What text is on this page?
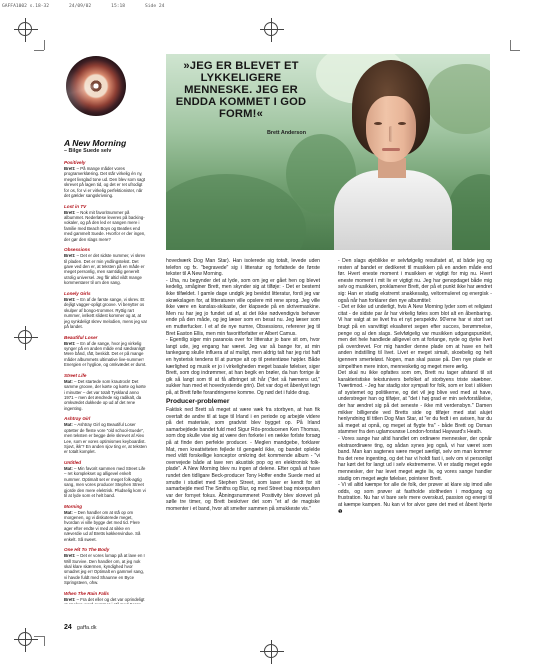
GAFFA1002 s.18-32	24/09/02	15:18	Side 24
A New Morning
– Bilge Suede selv
Positively
Brett: – På mange måder vores programerklæring. Det står virkelig én ny, meget livsglad tone ud. Den blev som sagt skrevet på lagen tid, og det er ret ufrodigt for os, for vi er virkelig perfektionister, når det gælder sangskrivning.
Lost in TV
Brett: – Nok mit favoritnummer på albummet. Nederlæse leveres på backing-vokaler, og på den led er sangen mere i familie med Beach Boys og Beatles end med gammelt Suede. Hvorfor er der ingen, der gør den slags mere?
Obsessions
Brett: – Det er det sidste nummer, vi skrev til pladen. Det er min yndlingstekst. Det gave ved den er, at teksten på en måde er meget personlig, men samtidig generelt utrolig universel. Jeg får altid vildt mange kommentarer til om den sang.
Lonely Girls
Brett: – En af de første sange, vi skrev. Et dejligt vagger-opligt groove. Vi benytter os skulper af bongo-trommer. Ryttig rart nummer, ivrikett slidest kommer og at, at jeg synkdeligt skrev melodien, mens jeg var på landet.
Beautiful Loser
Brett: – En af de sange, hvor jeg virkelig synger på en anden måde end sædvanligt! Mere bånd, rått, beskidt. Det er på mange måder albummets ultimative live-nummer! Energien er hyglioe, og omkvædet er dumt.
Street Life
Mat: – Det startede som krautrock! Det samme groove, der kørte og kørte og kørte i minutter – det var totalt Tyskland anno 1971 – men det ændrede sig radikalt, da omkvædet dukkede op ud af det rene ingenting.
Ashtray Girl
Mat: – Ashtray Girl og Beautiful Loser optetter de fleste vore "old school-Suede", men teksten er begge dele skrevet af Alex Lee, som er vores optimismes keyboardist. Sjovt, ikk'? En anden sjov ting er, at teksten er totalt komplet.
Untitled
Mat: – Min favorit sammen med Street Life – ret komplekset og alligevel enkelt nummer. Optimalt set er meget folk-agtig sang, men vores producer Stephen Street gjorde den mere elektrisk. Pludselig kom vi til at lyde som et helt band.
Morning
Mat: – Den handler om at stå op om morgenen, og vi diskuterede meget, hvordan vi ville bygge det med tid. Flere ager efter endte vi med at sikke en næverdie ud af Bretts køkkenvindue. Så enkelt. Så sweet.
One Hit To The Body
Brett: – Det er vores lomap på at lave en I Will Survive. Den handler om, at jeg nok skal klare skærmen, kyndighed hvor smadret jeg er! Optimalt en gammel sang, vi havde fuldt med Shaunne en Byce Springsteen, ohw.
When The Rain Falls
Brett: – Fra det eller og det var oprindeligt
»JEG ER BLEVET ET LYKKELIGERE MENNESKE. JEG ER ENDDA KOMMET I GOD FORM!«
Brett Anderson

hovedværk Dog Man Star). Han isolerede sig totalt, levede uden telefon og fx. "begravede" sig i litteratur og forfattede de første tekster til A New Morning.

- Uha, nu begynder det at lyde, som om jeg er gået hen og blevet kedelig, småginer Brett, men skynder sig at tilføje: - Det er bestemt ikke tilfældet. I gamle dage undgik jeg bevidst litteratur, fordi jeg var skrækslagen for, at litteraturen ville opslere mit rene sprog. Jeg ville ikke være en kanslas-skikaste, der klapsede på en skrivemaskine. Men nu har jeg jo fundet ud af, at det ikke nødvendigvis behøver ende på den måde, og jeg læser som en besat nu. Jeg læser som en mutterfucker. I et af de nye numre, Obsessions, refererer jeg til Bret Easton Ellis, men min favoritforfatter er Albert Camus.

- Egentlig siger min paranoia over for litteratur jo bare sit om, hvor langt ude, jeg engang har været. Jeg var så bange for, at min tankegang skulle influera af al muligt, men aldrig talt har jeg rist haft en hysterisk tendens til at pumpe alt op til pretentiøse højder. Både kærlighed og musik er jo i virkeligheden meget basale følelser, siger Brett, som dog indrømmer, at han begik en brøler, da han forrige år gik så langt som til at få afbringet sit hår ("det så hæmens ud," sukker han med et hovedrystende grin). Det var dog et åbenlyst tegn på, at Brett følte forandringerne komme. Og nød det i fulde drag.

Producer-problemer

Faktisk ned Brett så meget at være væk fra storbyen, at han fik overtalt de andre til at tage til Irland i en periode og arbejde videre på det materiale, som gradvist blev bygget op. På Irland samarbejdede bandet fuld med Sigur Rós-producenen Ken Thomas, som dog skulle vise sig at være den forkete i en række forlste forsøg på at finde den perfekte producer. - Meglen mandgebe, forklarer Mat, men kreativiteten fejlede til gengæld ikke, og bandet oplelde med vildt forskellige konceptor omkring det kommende album - "vi overvejede både at lave ren akustisk pop og en elektronisk folk-plade". A New Morning blev nu ingen af delene. Efter også at have rundet den tidligare Beck-producer Tony Hoffer endte Suede med at smutte i studiet med Stephen Street, som laser er kendt for sit samarbejde med The Smiths og Blur, og med Street bag mixerpulten var der fornyet fokus. Åbningsnummeret Positivity blev skrevet på sølle tre timer, og Brett beskriver det som "et af de magiske momenter i et band, hvor alt smelter sammen på smukkeste vis."

- Den slags øjeblikke er selvfølgelig resultatet af, at både jeg og resten af bandet er dedikeret til musikken på en anden måde end før. Hvert eneste moment i musikken er vigtigt for mig nu. Hvert eneste moment i mit liv er vigtigt nu. Jeg har genopdaget både mig selv og musikken, proklamerer Brett, der på et punkt ikke har ændret sig: Han er stadig ekstremt snakkesalig, veltormuleret og energisk - også når han forklarer den nye albumtitel:

- Det er ikke ud underligt, hvis A New Morning lyder som et religiøst citat - de sidste par år har virkelig føles som blot alt en åbenbaring. Vi har valgt at se livet fra et nyt perspektiv. 90'erne har vi stort set brugt på en vanvittigt eksalteret segen efter succes, berømmelse, penge og al den slags. Selvfølgelig var musikken udgangspunktet, men det hele handlede alligevel om at forlange, nyde og dyrke livet på overdrevet. For mig handler denne plade om at have en helt anden indstilling til livet. Livet er meget simalt, skoebelig og helt igennem smerteløst. Nogen, man skal passe på. Den nye plade er simpelthen mere inton, mennesketig og meget mere ærlig.

Det skal nu ikke opfattes som om, Brett nu tager afstand til sit karakteristiske tekstunivers befolket af storbyens triste skæbner. Tværtimod. - Jeg har stadig stor sympati for folk, som er lost i slikken af systemet og politikerne, og det vil jeg blive ved med at have, understreger han og tilføjer, at "det i høj grad er min selvforstålelse, der har ændret sig på det seneste - ikke mit verdensbyn." Damen mikker billigende ved Bretts side og tilføjer med stat alujet henlyndning til titlen Dog Man Star, at "er du fedt i en avisen, har du så meget at opnå, og meget at flygte fra" - både Brett og Osman stammer fra den uglamourøse London-forstad Hayward's Heath.

- Vores sange har altid handlet om ordinære mennesker, der opnår ekstraordinære ting, og sådan synes jeg også, vi har været som band. Man kan sagtenes være meget særligt, selv om man kommer fra det rene ingenting, og det har vi holdt fast i, selv om vi personligt har kørt det for langt ud i selv ekstremerne. Vi er stadig meget egde mennesker, der har levet meget ægte liv, og vores sange handler stadig om meget ægte følelser, pointerer Brett.

- Vi vil altid kæmpe for alle de folk, der prøver at klare sig imod alle odds, og som prøver at fastholde stoltheden i modgang og frustration. Nu har vi bare selv mere overskud, passion og energi til at kæmpe kampen. Nu kan vi for alvor gøre det med et åbent hjerte ❶

24 gaffa.dk
